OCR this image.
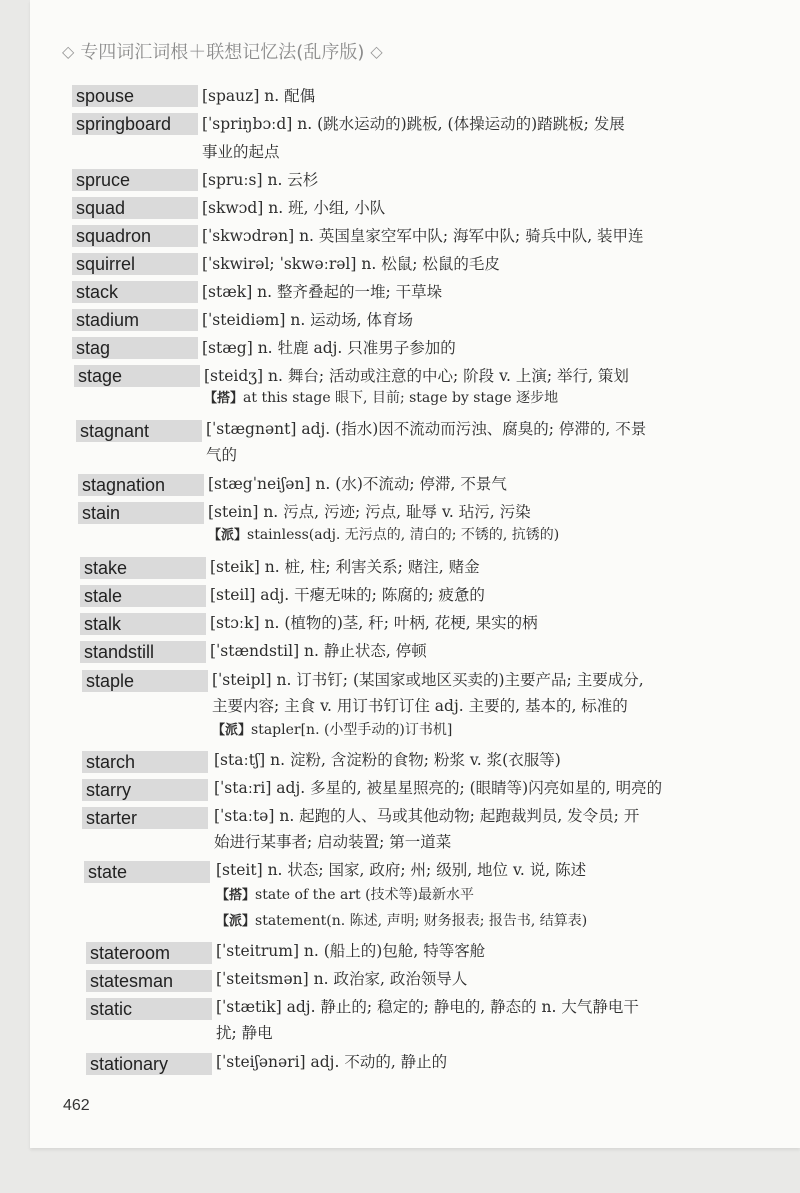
◇ 专四词汇词根＋联想记忆法(乱序版) ◇
spouse	[spauz] n. 配偶
springboard	[ˈspriŋbɔːd] n. (跳水运动的)跳板, (体操运动的)踏跳板; 发展
事业的起点
spruce	[spruːs] n. 云杉
squad	[skwɔd] n. 班, 小组, 小队
squadron	[ˈskwɔdrən] n. 英国皇家空军中队; 海军中队; 骑兵中队, 装甲连
squirrel	[ˈskwirəl; ˈskwəːrəl] n. 松鼠; 松鼠的毛皮
stack	[stæk] n. 整齐叠起的一堆; 干草垛
stadium	[ˈsteidiəm] n. 运动场, 体育场
stag	[stæg] n. 牡鹿 adj. 只准男子参加的
stage	[steidʒ] n. 舞台; 活动或注意的中心; 阶段 v. 上演; 举行, 策划
【搭】at this stage 眼下, 目前; stage by stage 逐步地
stagnant	[ˈstægnənt] adj. (指水)因不流动而污浊、腐臭的; 停滞的, 不景
气的
stagnation	[stægˈneiʃən] n. (水)不流动; 停滞, 不景气
stain	[stein] n. 污点, 污迹; 污点, 耻辱 v. 玷污, 污染
【派】stainless(adj. 无污点的, 清白的; 不锈的, 抗锈的)
stake	[steik] n. 桩, 柱; 利害关系; 赌注, 赌金
stale	[steil] adj. 干瘪无味的; 陈腐的; 疲惫的
stalk	[stɔːk] n. (植物的)茎, 秆; 叶柄, 花梗, 果实的柄
standstill	[ˈstændstil] n. 静止状态, 停顿
staple	[ˈsteipl] n. 订书钉; (某国家或地区买卖的)主要产品; 主要成分,
主要内容; 主食 v. 用订书钉订住 adj. 主要的, 基本的, 标准的
【派】stapler[n. (小型手动的)订书机]
starch	[staːtʃ] n. 淀粉, 含淀粉的食物; 粉浆 v. 浆(衣服等)
starry	[ˈstaːri] adj. 多星的, 被星星照亮的; (眼睛等)闪亮如星的, 明亮的
starter	[ˈstaːtə] n. 起跑的人、马或其他动物; 起跑裁判员, 发令员; 开
始进行某事者; 启动装置; 第一道菜
state	[steit] n. 状态; 国家, 政府; 州; 级别, 地位 v. 说, 陈述
【搭】state of the art (技术等)最新水平
【派】statement(n. 陈述, 声明; 财务报表; 报告书, 结算表)
stateroom	[ˈsteitrum] n. (船上的)包舱, 特等客舱
statesman	[ˈsteitsmən] n. 政治家, 政治领导人
static	[ˈstætik] adj. 静止的; 稳定的; 静电的, 静态的 n. 大气静电干
扰; 静电
stationary	[ˈsteiʃənəri] adj. 不动的, 静止的
462
